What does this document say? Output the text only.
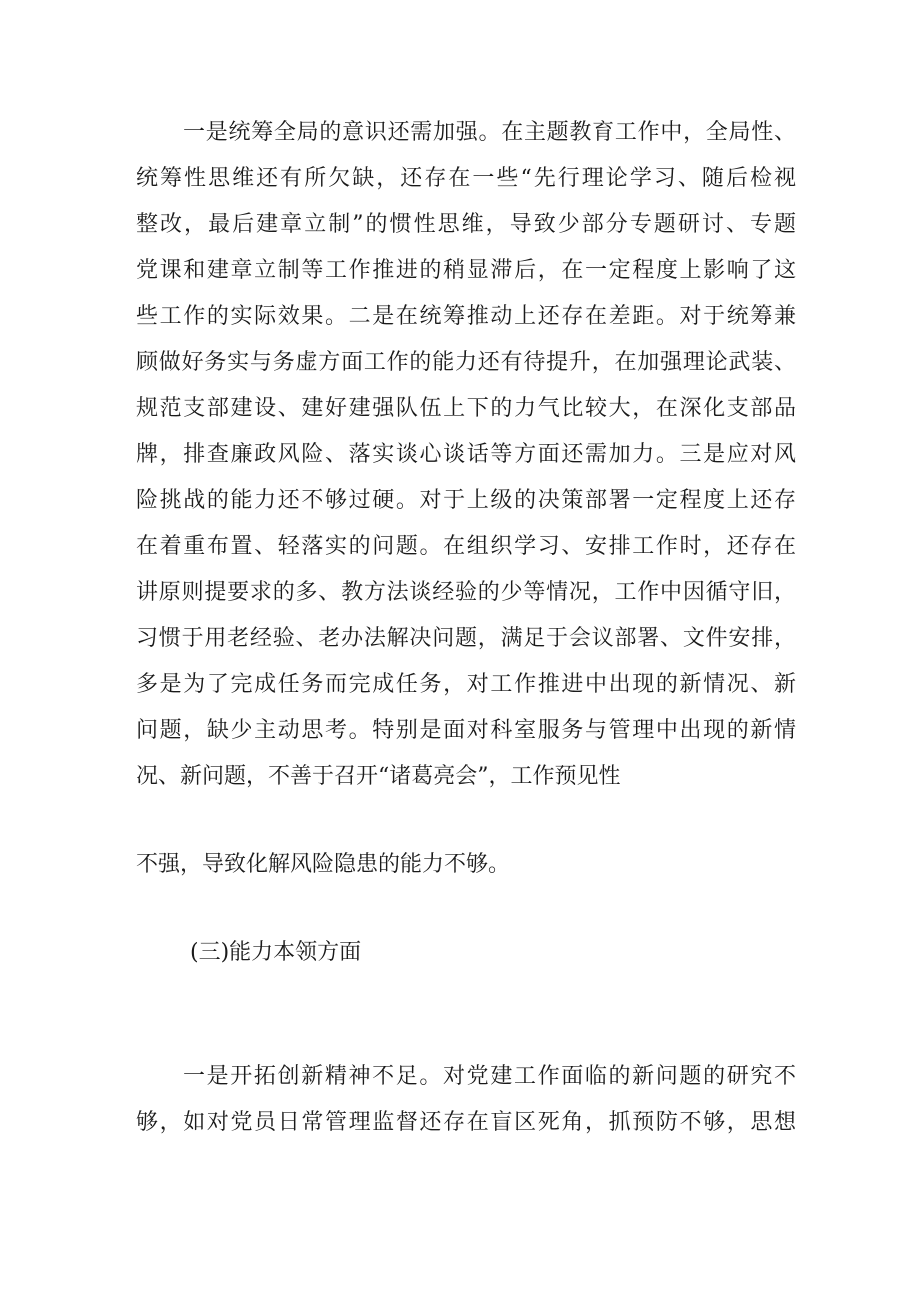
一是统筹全局的意识还需加强。在主题教育工作中，全局性、
统筹性思维还有所欠缺，还存在一些“先行理论学习、随后检视
整改，最后建章立制”的惯性思维，导致少部分专题研讨、专题
党课和建章立制等工作推进的稍显滞后，在一定程度上影响了这
些工作的实际效果。二是在统筹推动上还存在差距。对于统筹兼
顾做好务实与务虚方面工作的能力还有待提升，在加强理论武装、
规范支部建设、建好建强队伍上下的力气比较大，在深化支部品
牌，排查廉政风险、落实谈心谈话等方面还需加力。三是应对风
险挑战的能力还不够过硬。对于上级的决策部署一定程度上还存
在着重布置、轻落实的问题。在组织学习、安排工作时，还存在
讲原则提要求的多、教方法谈经验的少等情况，工作中因循守旧，
习惯于用老经验、老办法解决问题，满足于会议部署、文件安排，
多是为了完成任务而完成任务，对工作推进中出现的新情况、新
问题，缺少主动思考。特别是面对科室服务与管理中出现的新情
况、新问题，不善于召开“诸葛亮会”，工作预见性
不强，导致化解风险隐患的能力不够。
(三)能力本领方面
一是开拓创新精神不足。对党建工作面临的新问题的研究不
够，如对党员日常管理监督还存在盲区死角，抓预防不够，思想
